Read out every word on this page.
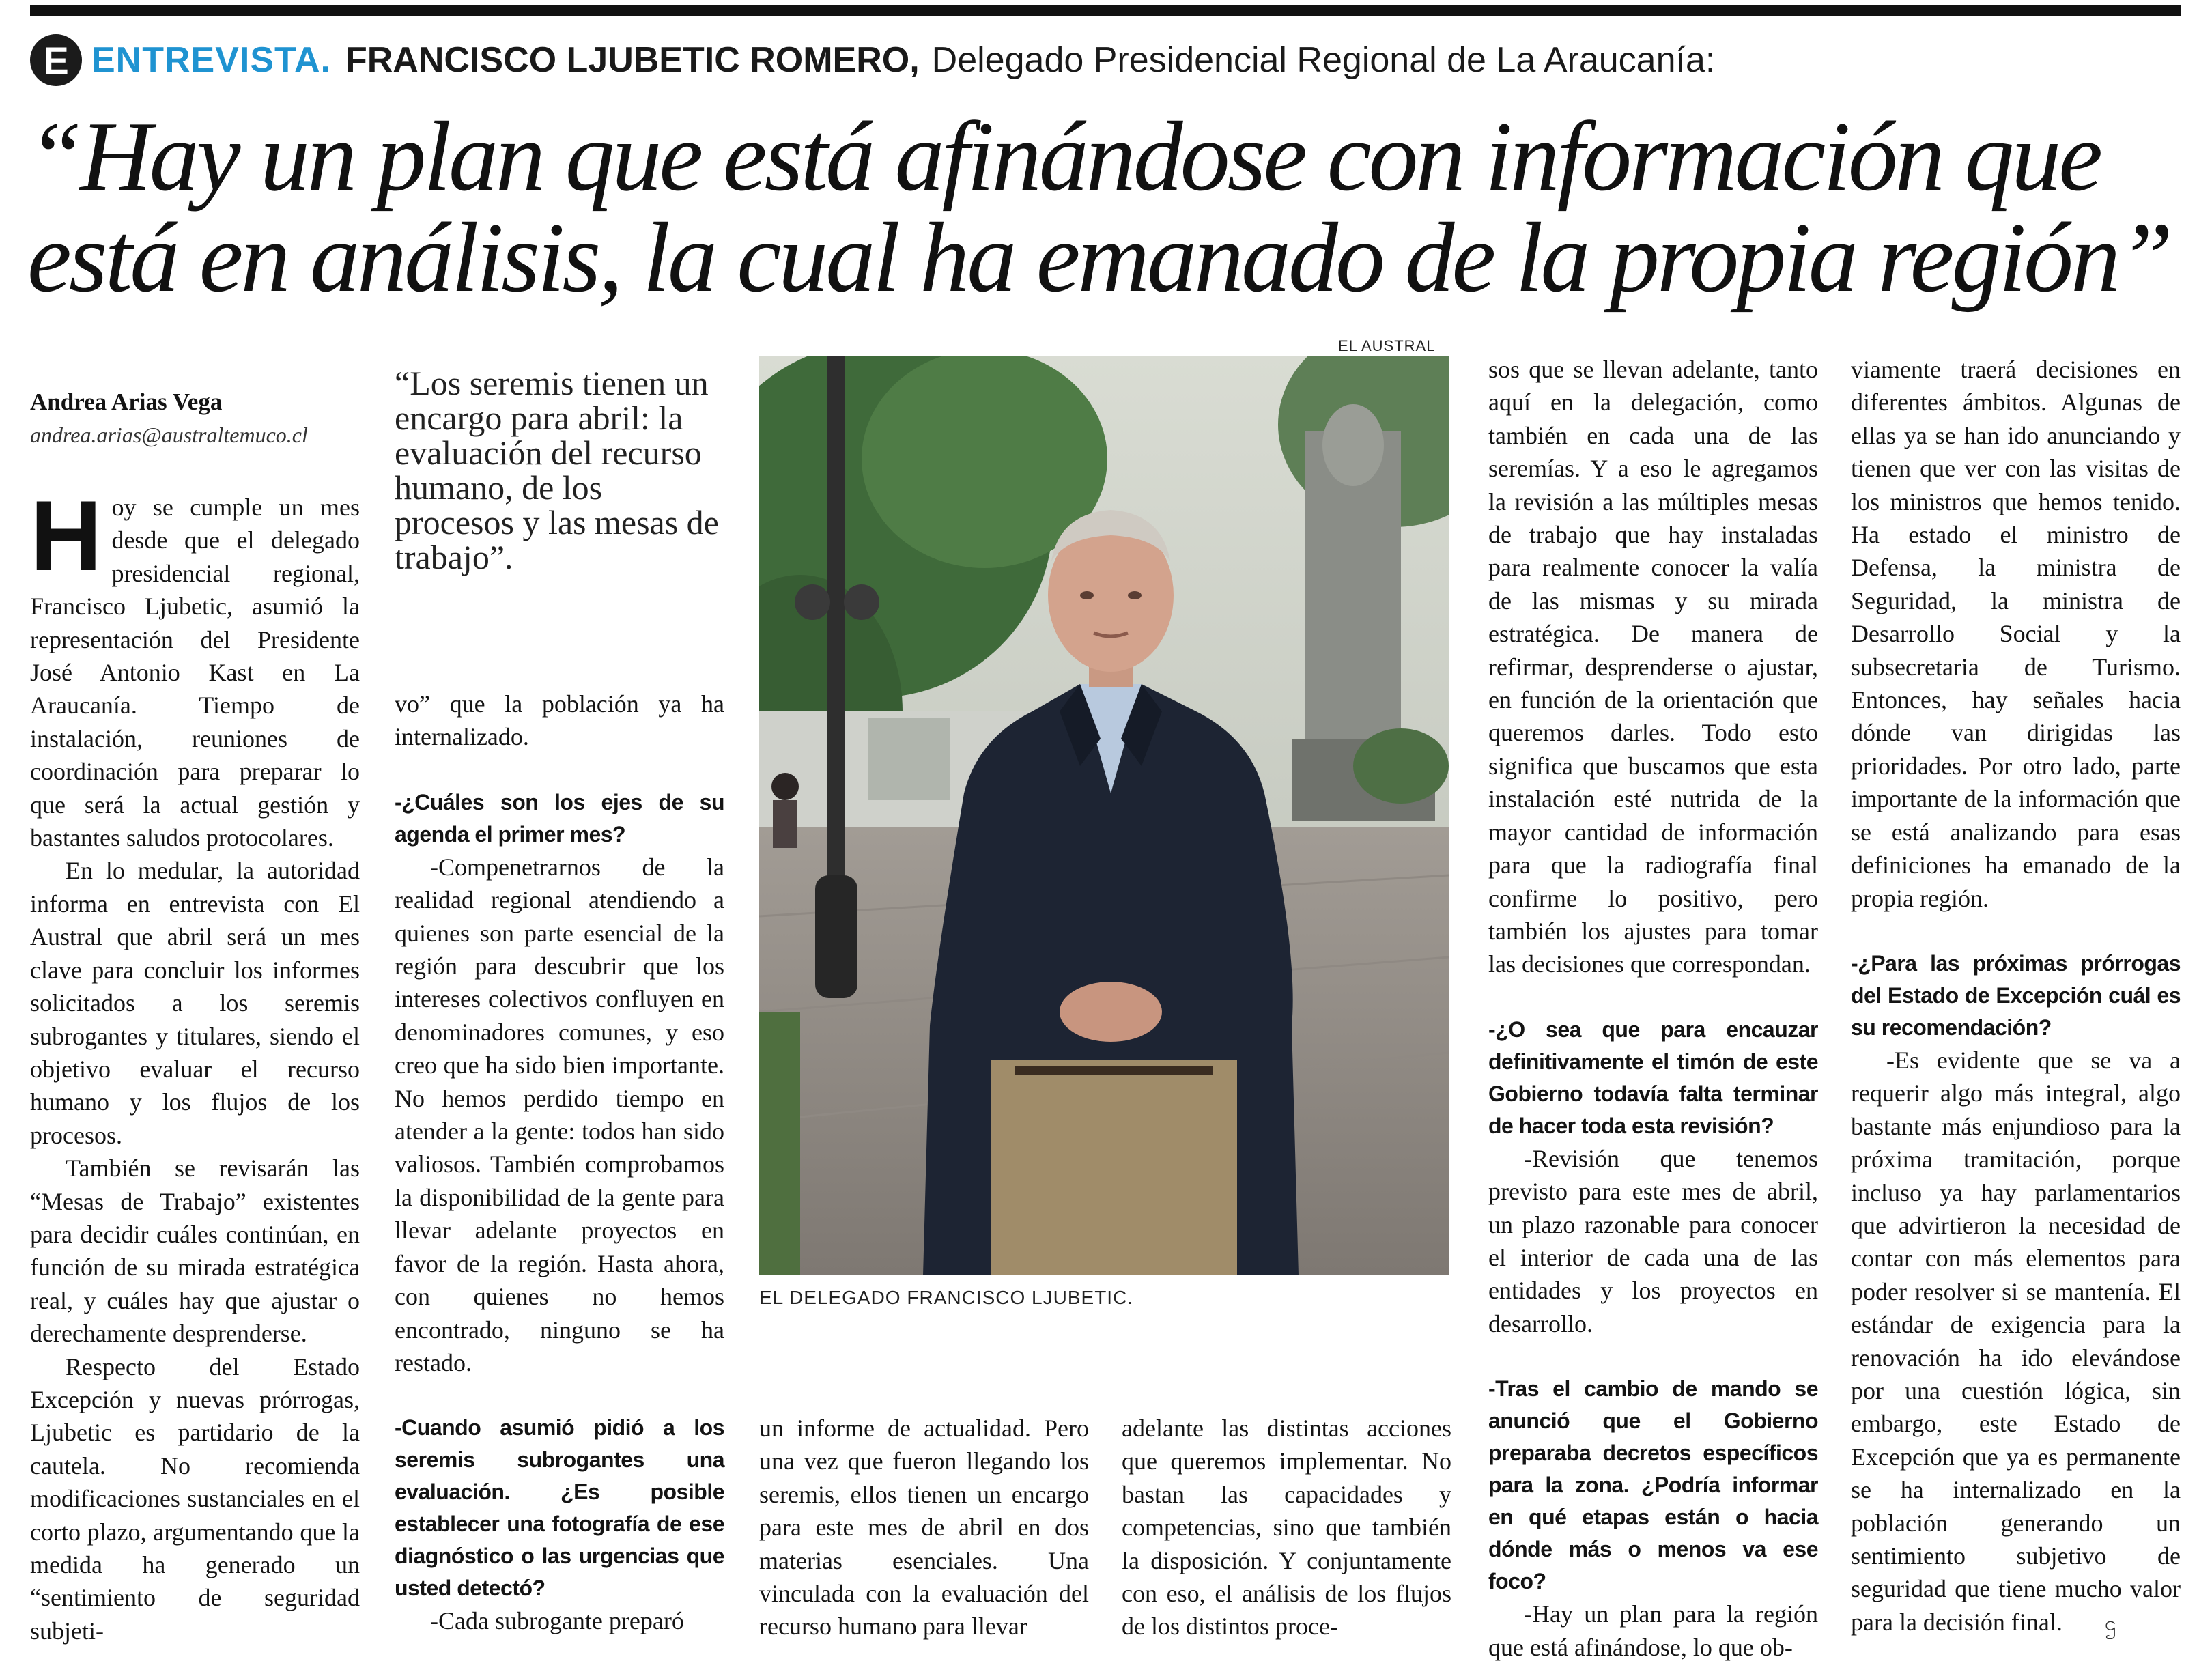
E ENTREVISTA . FRANCISCO LJUBETIC ROMERO, Delegado Presidencial Regional de La Araucanía:
“Hay un plan que está afinándose con información que
está en análisis, la cual ha emanado de la propia región”
Andrea Arias Vega
andrea.arias@australtemuco.cl
H oy se cumple un mes desde que el delegado presidencial regional, Francisco Ljubetic, asumió la representación del Presidente José Antonio Kast en La Araucanía. Tiempo de instalación, reuniones de coordinación para preparar lo que será la actual gestión y bastantes saludos protocolares.

En lo medular, la autoridad informa en entrevista con El Austral que abril será un mes clave para concluir los informes solicitados a los seremis subrogantes y titulares, siendo el objetivo evaluar el recurso humano y los flujos de los procesos.

También se revisarán las “Mesas de Trabajo” existentes para decidir cuáles continúan, en función de su mirada estratégica real, y cuáles hay que ajustar o derechamente desprenderse.

Respecto del Estado Excepción y nuevas prórrogas, Ljubetic es partidario de la cautela. No recomienda modificaciones sustanciales en el corto plazo, argumentando que la medida ha generado un “sentimiento de seguridad subjeti-

“Los seremis tienen un encargo para abril: la evaluación del recurso humano, de los procesos y las mesas de trabajo”.

vo” que la población ya ha internalizado.

-¿Cuáles son los ejes de su agenda el primer mes?

-Compenetrarnos de la realidad regional atendiendo a quienes son parte esencial de la región para descubrir que los intereses colectivos confluyen en denominadores comunes, y eso creo que ha sido bien importante. No hemos perdido tiempo en atender a la gente: todos han sido valiosos. También comprobamos la disponibilidad de la gente para llevar adelante proyectos en favor de la región. Hasta ahora, con quienes no hemos encontrado, ninguno se ha restado.

-Cuando asumió pidió a los seremis subrogantes una evaluación. ¿Es posible establecer una fotografía de ese diagnóstico o las urgencias que usted detectó?

-Cada subrogante preparó

EL AUSTRAL
EL DELEGADO FRANCISCO LJUBETIC.

un informe de actualidad. Pero una vez que fueron llegando los seremis, ellos tienen un encargo para este mes de abril en dos materias esenciales. Una vinculada con la evaluación del recurso humano para llevar

adelante las distintas acciones que queremos implementar. No bastan las capacidades y competencias, sino que también la disposición. Y conjuntamente con eso, el análisis de los flujos de los distintos proce-

sos que se llevan adelante, tanto aquí en la delegación, como también en cada una de las seremías. Y a eso le agregamos la revisión a las múltiples mesas de trabajo que hay instaladas para realmente conocer la valía de las mismas y su mirada estratégica. De manera de refirmar, desprenderse o ajustar, en función de la orientación que queremos darles. Todo esto significa que buscamos que esta instalación esté nutrida de la mayor cantidad de información para que la radiografía final confirme lo positivo, pero también los ajustes para tomar las decisiones que correspondan.

-¿O sea que para encauzar definitivamente el timón de este Gobierno todavía falta terminar de hacer toda esta revisión?

-Revisión que tenemos previsto para este mes de abril, un plazo razonable para conocer el interior de cada una de las entidades y los proyectos en desarrollo.

-Tras el cambio de mando se anunció que el Gobierno preparaba decretos específicos para la zona. ¿Podría informar en qué etapas están o hacia dónde más o menos va ese foco?

-Hay un plan para la región que está afinándose, lo que ob-

viamente traerá decisiones en diferentes ámbitos. Algunas de ellas ya se han ido anunciando y tienen que ver con las visitas de los ministros que hemos tenido. Ha estado el ministro de Defensa, la ministra de Seguridad, la ministra de Desarrollo Social y la subsecretaria de Turismo. Entonces, hay señales hacia dónde van dirigidas las prioridades. Por otro lado, parte importante de la información que se está analizando para esas definiciones ha emanado de la propia región.

-¿Para las próximas prórrogas del Estado de Excepción cuál es su recomendación?

-Es evidente que se va a requerir algo más integral, algo bastante más enjundioso para la próxima tramitación, porque incluso ya hay parlamentarios que advirtieron la necesidad de contar con más elementos para poder resolver si se mantenía. El estándar de exigencia para la renovación ha ido elevándose por una cuestión lógica, sin embargo, este Estado de Excepción que ya es permanente se ha internalizado en la población generando un sentimiento subjetivo de seguridad que tiene mucho valor para la decisión final. ဌ
